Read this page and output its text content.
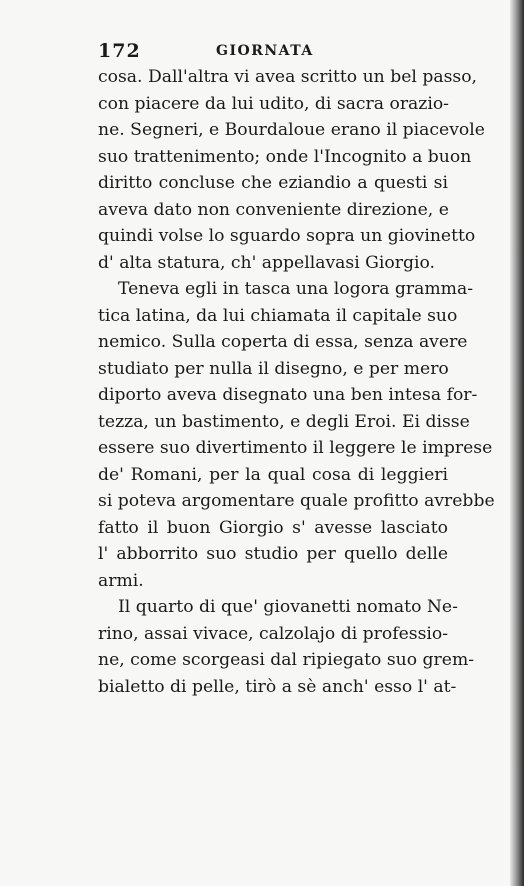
172	GIORNATA
cosa. Dall'altra vi avea scritto un bel passo,
con piacere da lui udito, di sacra orazio-
ne. Segneri, e Bourdaloue erano il piacevole
suo trattenimento; onde l'Incognito a buon
diritto concluse che eziandio a questi si
aveva dato non conveniente direzione, e
quindi volse lo sguardo sopra un giovinetto
d' alta statura, ch' appellavasi Giorgio.
Teneva egli in tasca una logora gramma-
tica latina, da lui chiamata il capitale suo
nemico. Sulla coperta di essa, senza avere
studiato per nulla il disegno, e per mero
diporto aveva disegnato una ben intesa for-
tezza, un bastimento, e degli Eroi. Ei disse
essere suo divertimento il leggere le imprese
de' Romani, per la qual cosa di leggieri
si poteva argomentare quale profitto avrebbe
fatto il buon Giorgio s' avesse lasciato
l' abborrito suo studio per quello delle
armi.
Il quarto di que' giovanetti nomato Ne-
rino, assai vivace, calzolajo di professio-
ne, come scorgeasi dal ripiegato suo grem-
bialetto di pelle, tirò a sè anch' esso l' at-
